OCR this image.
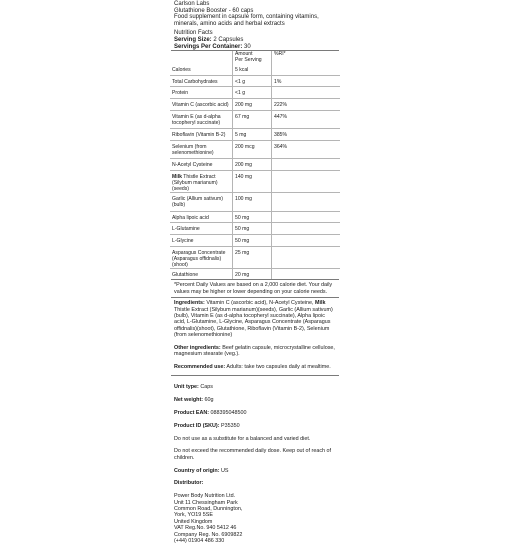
Carlson Labs
Glutathione Booster - 60 caps
Food supplement in capsule form, containing vitamins, minerals, amino acids and herbal extracts
Nutrition Facts
Serving Size: 2 Capsules
Servings Per Container: 30
	Amount
Per Serving	%RI*
Calories	5 kcal	
Total Carbohydrates	<1 g	1%
Protein	<1 g	
Vitamin C (ascorbic acid)	200 mg	222%
Vitamin E (as d-alpha tocopheryl succinate)	67 mg	447%
Riboflavin (Vitamin B-2)	5 mg	385%
Selenium (from selenomethionine)	200 mcg	364%
N-Acetyl Cysteine	200 mg	
Milk Thistle Extract (Silybum marianum)(seeds)	140 mg	
Garlic (Allium sativum)(bulb)	100 mg	
Alpha lipoic acid	50 mg	
L-Glutamine	50 mg	
L-Glycine	50 mg	
Asparagus Concentrate (Asparagus offidnalis)(shoot)	25 mg	
Glutathione	20 mg	
*Percent Daily Values are based on a 2,000 calorie diet. Your daily values may be higher or lower depending on your calorie needs.
Ingredients: Vitamin C (ascorbic acid), N-Acetyl Cysteine, Milk Thistle Extract (Silybum marianum)(seeds), Garlic (Allium sativum)(bulb), Vitamin E (as d-alpha tocopheryl succinate), Alpha lipoic acid, L-Glutamine, L-Glycine, Asparagus Concentrate (Asparagus offidnalis)(shoot), Glutathione, Riboflavin (Vitamin B-2), Selenium (from selenomethionine)
Other ingredients: Beef gelatin capsule, microcrystalline cellulose, magnesium stearate (veg.).
Recommended use: Adults: take two capsules daily at mealtime.

Unit type: Caps

Net weight: 60g

Product EAN: 088395048500

Product ID (SKU): P35350

Do not use as a substitute for a balanced and varied diet.

Do not exceed the recommended daily dose. Keep out of reach of children.

Country of origin: US

Distributor:

Power Body Nutrition Ltd.
Unit 11 Chessingham Park
Common Road, Dunnington,
York, YO19 5SE
United Kingdom
VAT Reg.No. 940 5412 46
Company Reg. No. 6909822
(+44) 01904 486 330
